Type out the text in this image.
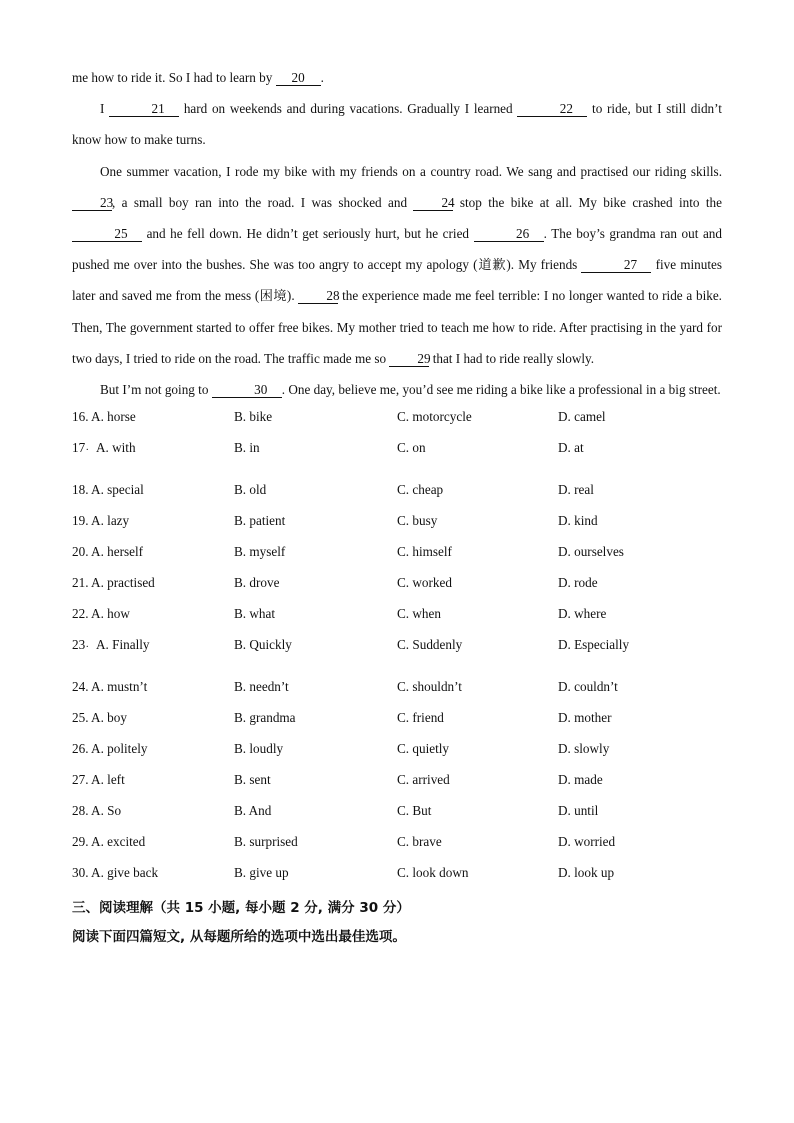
me how to ride it. So I had to learn by 20 .

I	21 hard on weekends and during vacations. Gradually I learned	22 to ride, but I still didn’t know how to make turns.

One summer vacation, I rode my bike with my friends on a country road. We sang and practised our riding skills. 23, a small boy ran into the road. I was shocked and 24 stop the bike at all. My bike crashed into the 25 and he fell down. He didn’t get seriously hurt, but he cried	26 . The boy’s grandma ran out and pushed me over into the bushes. She was too angry to accept my apology (道歉). My friends	27 five minutes later and saved me from the mess (困境). 28 the experience made me feel terrible: I no longer wanted to ride a bike. Then, The government started to offer free bikes. My mother tried to teach me how to ride. After practising in the yard for two days, I tried to ride on the road. The traffic made me so 29 that I had to ride really slowly.

But I’m not going to	30 . One day, believe me, you’d see me riding a bike like a professional in a big street.

16. A. horse	B. bike	C. motorcycle	D. camel
17 . A. with	B. in	C. on	D. at
18. A. special	B. old	C. cheap	D. real
19. A. lazy	B. patient	C. busy	D. kind
20. A. herself	B. myself	C. himself	D. ourselves
21. A. practised	B. drove	C. worked	D. rode
22. A. how	B. what	C. when	D. where
23 . A. Finally	B. Quickly	C. Suddenly	D. Especially
24. A. mustn’t	B. needn’t	C. shouldn’t	D. couldn’t
25. A. boy	B. grandma	C. friend	D. mother
26. A. politely	B. loudly	C. quietly	D. slowly
27. A. left	B. sent	C. arrived	D. made
28. A. So	B. And	C. But	D. until
29. A. excited	B. surprised	C. brave	D. worried
30. A. give back	B. give up	C. look down	D. look up

三、阅读理解（共 15 小题, 每小题 2 分, 满分 30 分）

阅读下面四篇短文, 从每题所给的选项中选出最佳选项。
